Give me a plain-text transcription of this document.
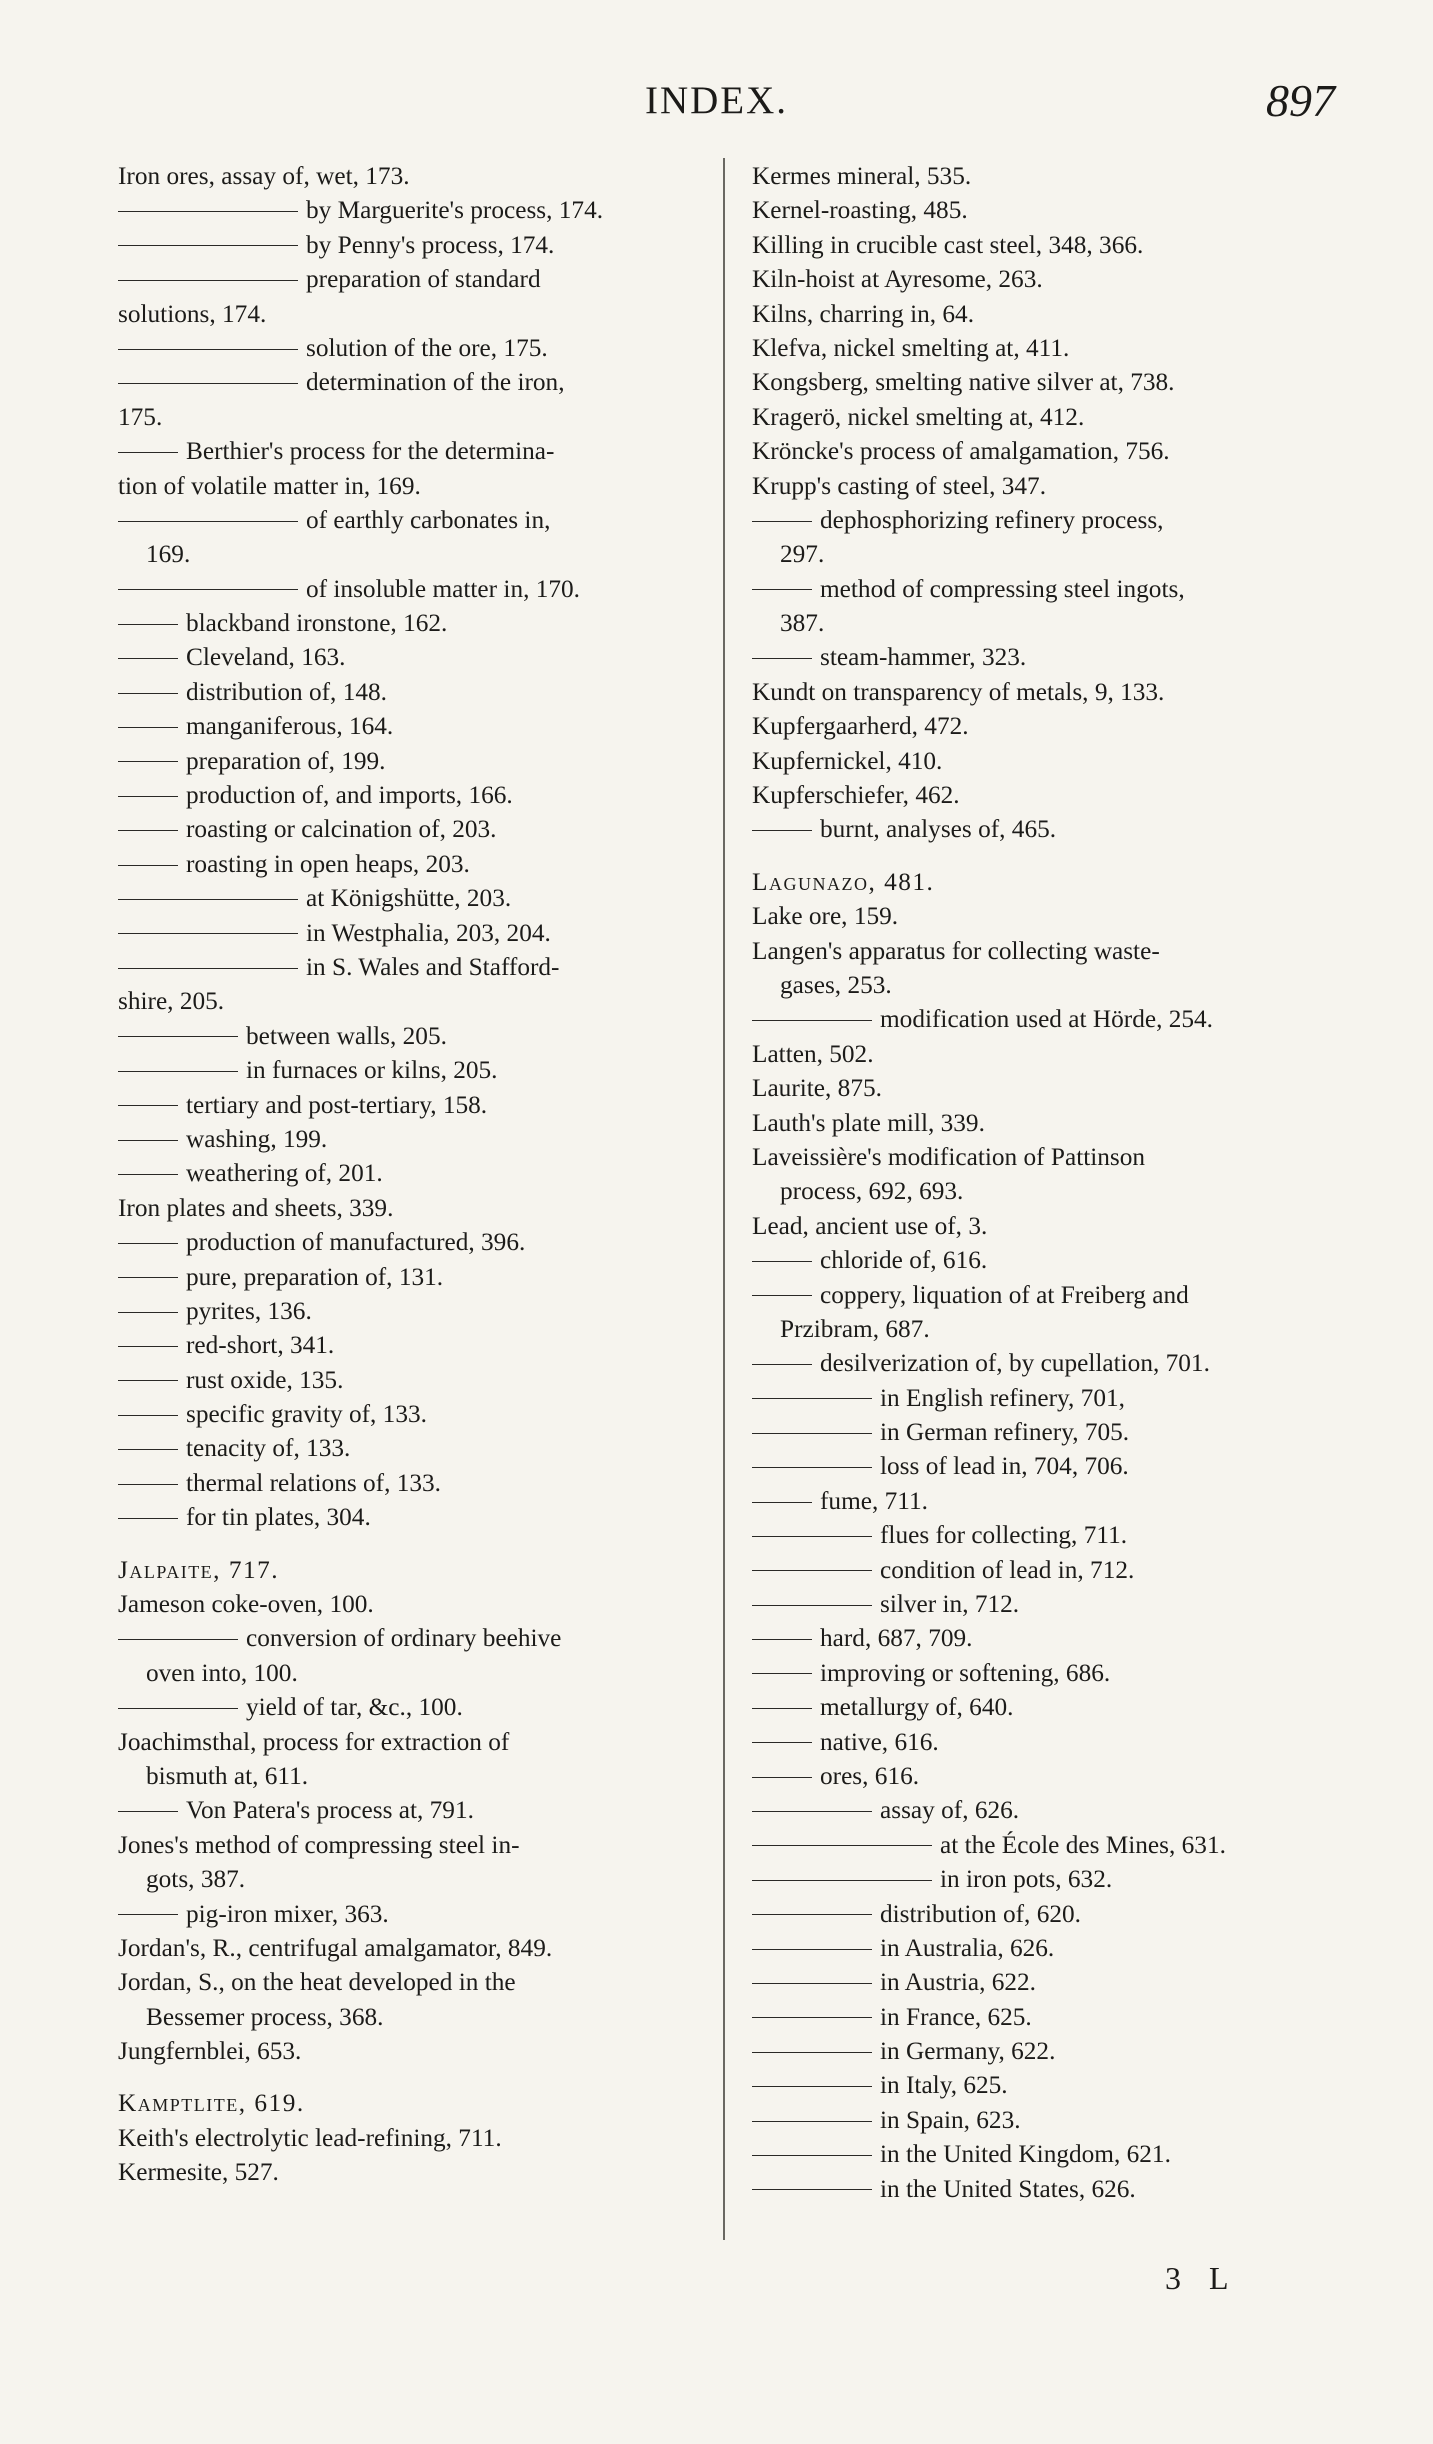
INDEX.	897
Iron ores, assay of, wet, 173.
by Marguerite's process, 174.
by Penny's process, 174.
preparation of standard
solutions, 174.
solution of the ore, 175.
determination of the iron,
175.
Berthier's process for the determina-
tion of volatile matter in, 169.
of earthly carbonates in,
169.
of insoluble matter in, 170.
blackband ironstone, 162.
Cleveland, 163.
distribution of, 148.
manganiferous, 164.
preparation of, 199.
production of, and imports, 166.
roasting or calcination of, 203.
roasting in open heaps, 203.
at Königshütte, 203.
in Westphalia, 203, 204.
in S. Wales and Stafford-
shire, 205.
between walls, 205.
in furnaces or kilns, 205.
tertiary and post-tertiary, 158.
washing, 199.
weathering of, 201.
Iron plates and sheets, 339.
production of manufactured, 396.
pure, preparation of, 131.
pyrites, 136.
red-short, 341.
rust oxide, 135.
specific gravity of, 133.
tenacity of, 133.
thermal relations of, 133.
for tin plates, 304.
Jalpaite, 717.
Jameson coke-oven, 100.
conversion of ordinary beehive
oven into, 100.
yield of tar, &c., 100.
Joachimsthal, process for extraction of
bismuth at, 611.
Von Patera's process at, 791.
Jones's method of compressing steel in-
gots, 387.
pig-iron mixer, 363.
Jordan's, R., centrifugal amalgamator, 849.
Jordan, S., on the heat developed in the
Bessemer process, 368.
Jungfernblei, 653.
Kamptlite, 619.
Keith's electrolytic lead-refining, 711.
Kermesite, 527.
Kermes mineral, 535.
Kernel-roasting, 485.
Killing in crucible cast steel, 348, 366.
Kiln-hoist at Ayresome, 263.
Kilns, charring in, 64.
Klefva, nickel smelting at, 411.
Kongsberg, smelting native silver at, 738.
Kragerö, nickel smelting at, 412.
Kröncke's process of amalgamation, 756.
Krupp's casting of steel, 347.
dephosphorizing refinery process,
297.
method of compressing steel ingots,
387.
steam-hammer, 323.
Kundt on transparency of metals, 9, 133.
Kupfergaarherd, 472.
Kupfernickel, 410.
Kupferschiefer, 462.
burnt, analyses of, 465.
Lagunazo, 481.
Lake ore, 159.
Langen's apparatus for collecting waste-
gases, 253.
modification used at Hörde, 254.
Latten, 502.
Laurite, 875.
Lauth's plate mill, 339.
Laveissière's modification of Pattinson
process, 692, 693.
Lead, ancient use of, 3.
chloride of, 616.
coppery, liquation of at Freiberg and
Przibram, 687.
desilverization of, by cupellation, 701.
in English refinery, 701,
in German refinery, 705.
loss of lead in, 704, 706.
fume, 711.
flues for collecting, 711.
condition of lead in, 712.
silver in, 712.
hard, 687, 709.
improving or softening, 686.
metallurgy of, 640.
native, 616.
ores, 616.
assay of, 626.
at the École des Mines, 631.
in iron pots, 632.
distribution of, 620.
in Australia, 626.
in Austria, 622.
in France, 625.
in Germany, 622.
in Italy, 625.
in Spain, 623.
in the United Kingdom, 621.
in the United States, 626.
3 L
